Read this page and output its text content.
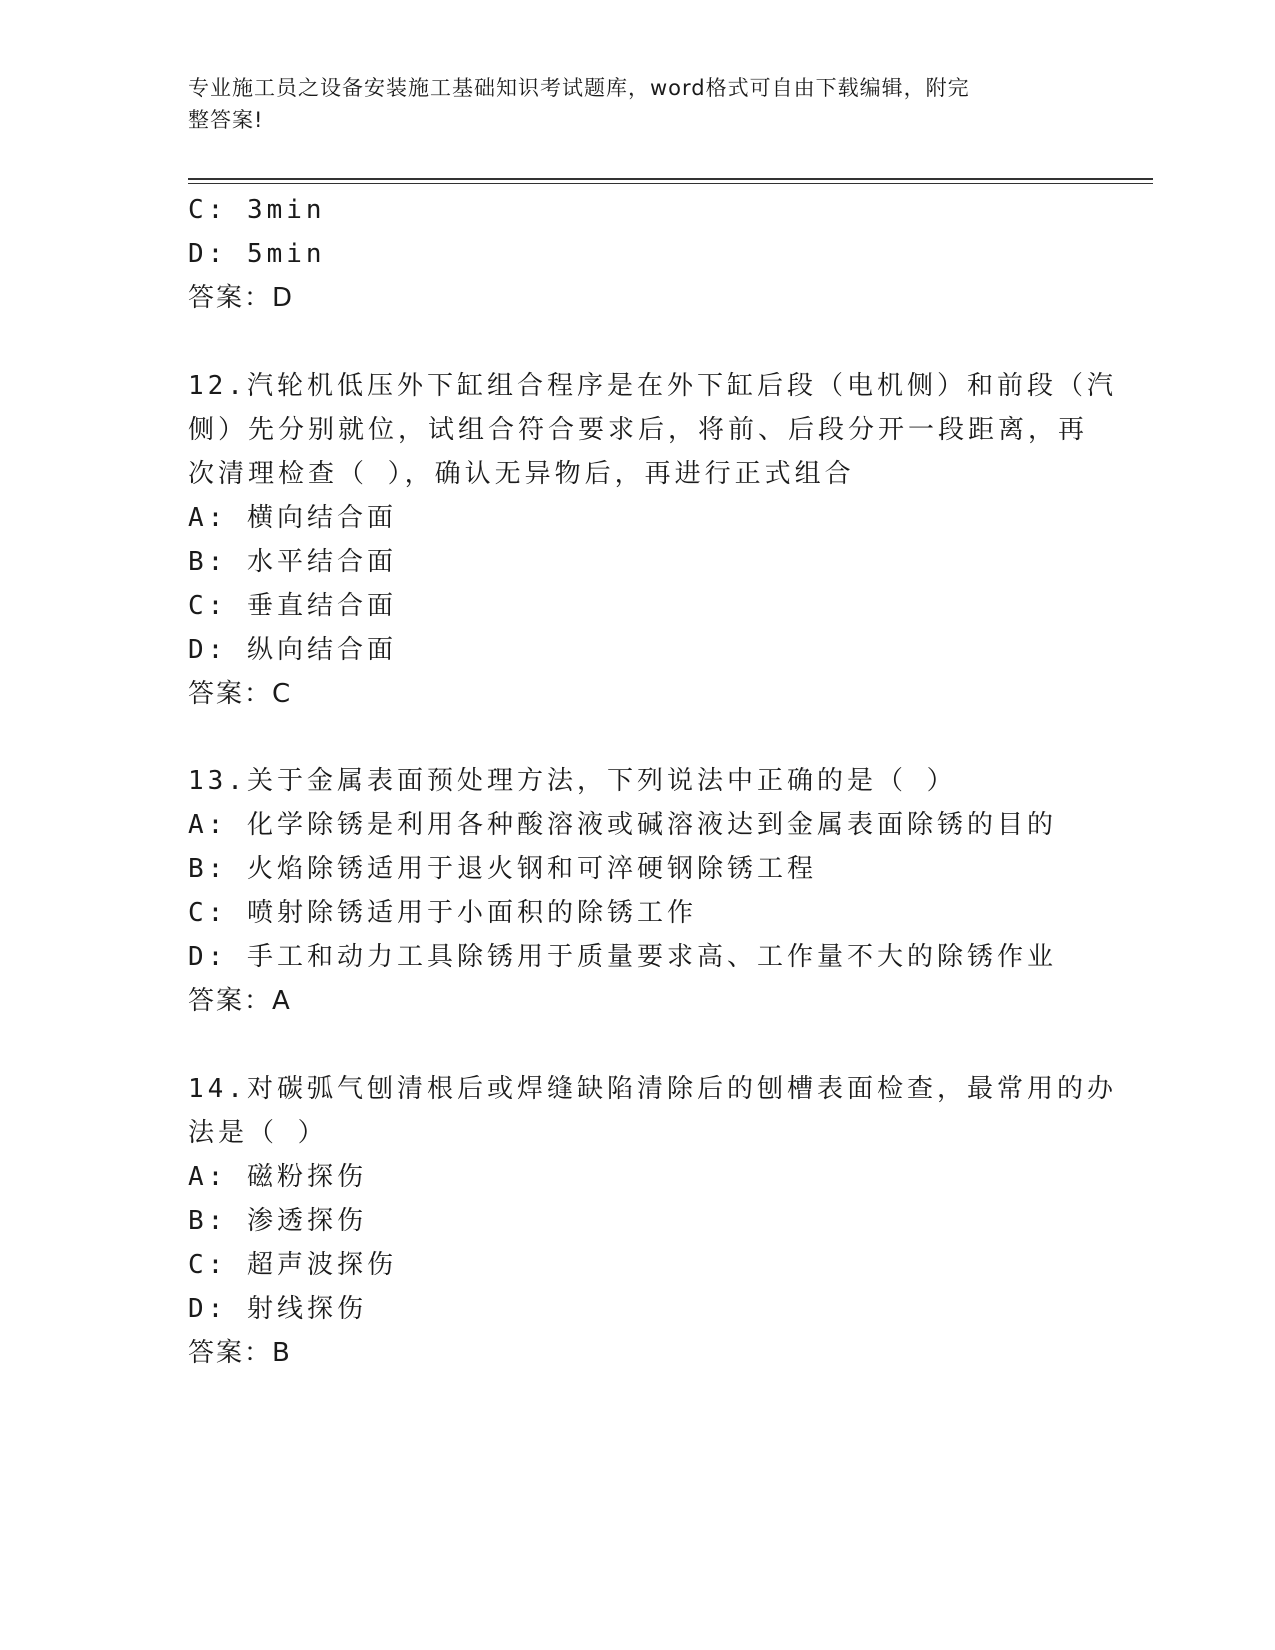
专业施工员之设备安装施工基础知识考试题库，word格式可自由下载编辑，附完
整答案!
C: 3min
D: 5min
答案：D
12.汽轮机低压外下缸组合程序是在外下缸后段（电机侧）和前段（汽
侧）先分别就位，试组合符合要求后，将前、后段分开一段距离，再
次清理检查（ ），确认无异物后，再进行正式组合
A: 横向结合面
B: 水平结合面
C: 垂直结合面
D: 纵向结合面
答案：C
13.关于金属表面预处理方法，下列说法中正确的是（ ）
A: 化学除锈是利用各种酸溶液或碱溶液达到金属表面除锈的目的
B: 火焰除锈适用于退火钢和可淬硬钢除锈工程
C: 喷射除锈适用于小面积的除锈工作
D: 手工和动力工具除锈用于质量要求高、工作量不大的除锈作业
答案：A
14.对碳弧气刨清根后或焊缝缺陷清除后的刨槽表面检查，最常用的办
法是（ ）
A: 磁粉探伤
B: 渗透探伤
C: 超声波探伤
D: 射线探伤
答案：B
